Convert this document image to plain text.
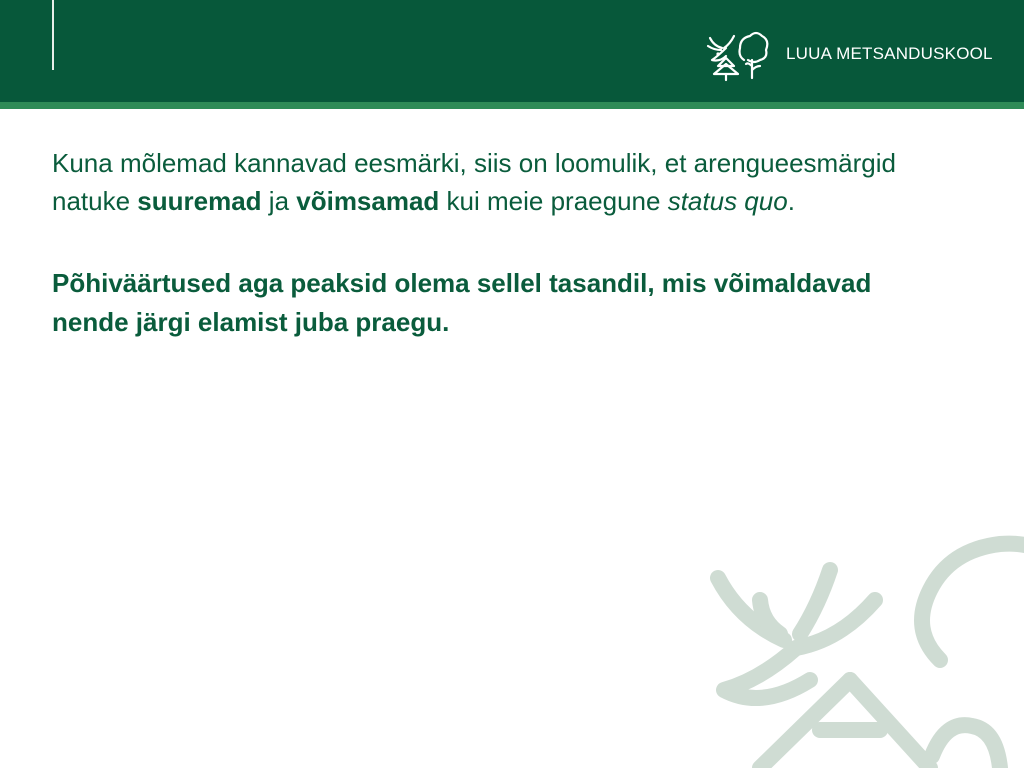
LUUA METSANDUSKOOL

Kuna mõlemad kannavad eesmärki, siis on loomulik, et arengueesmärgid natuke suuremad ja võimsamad kui meie praegune status quo.

Põhiväärtused aga peaksid olema sellel tasandil, mis võimaldavad nende järgi elamist juba praegu.
